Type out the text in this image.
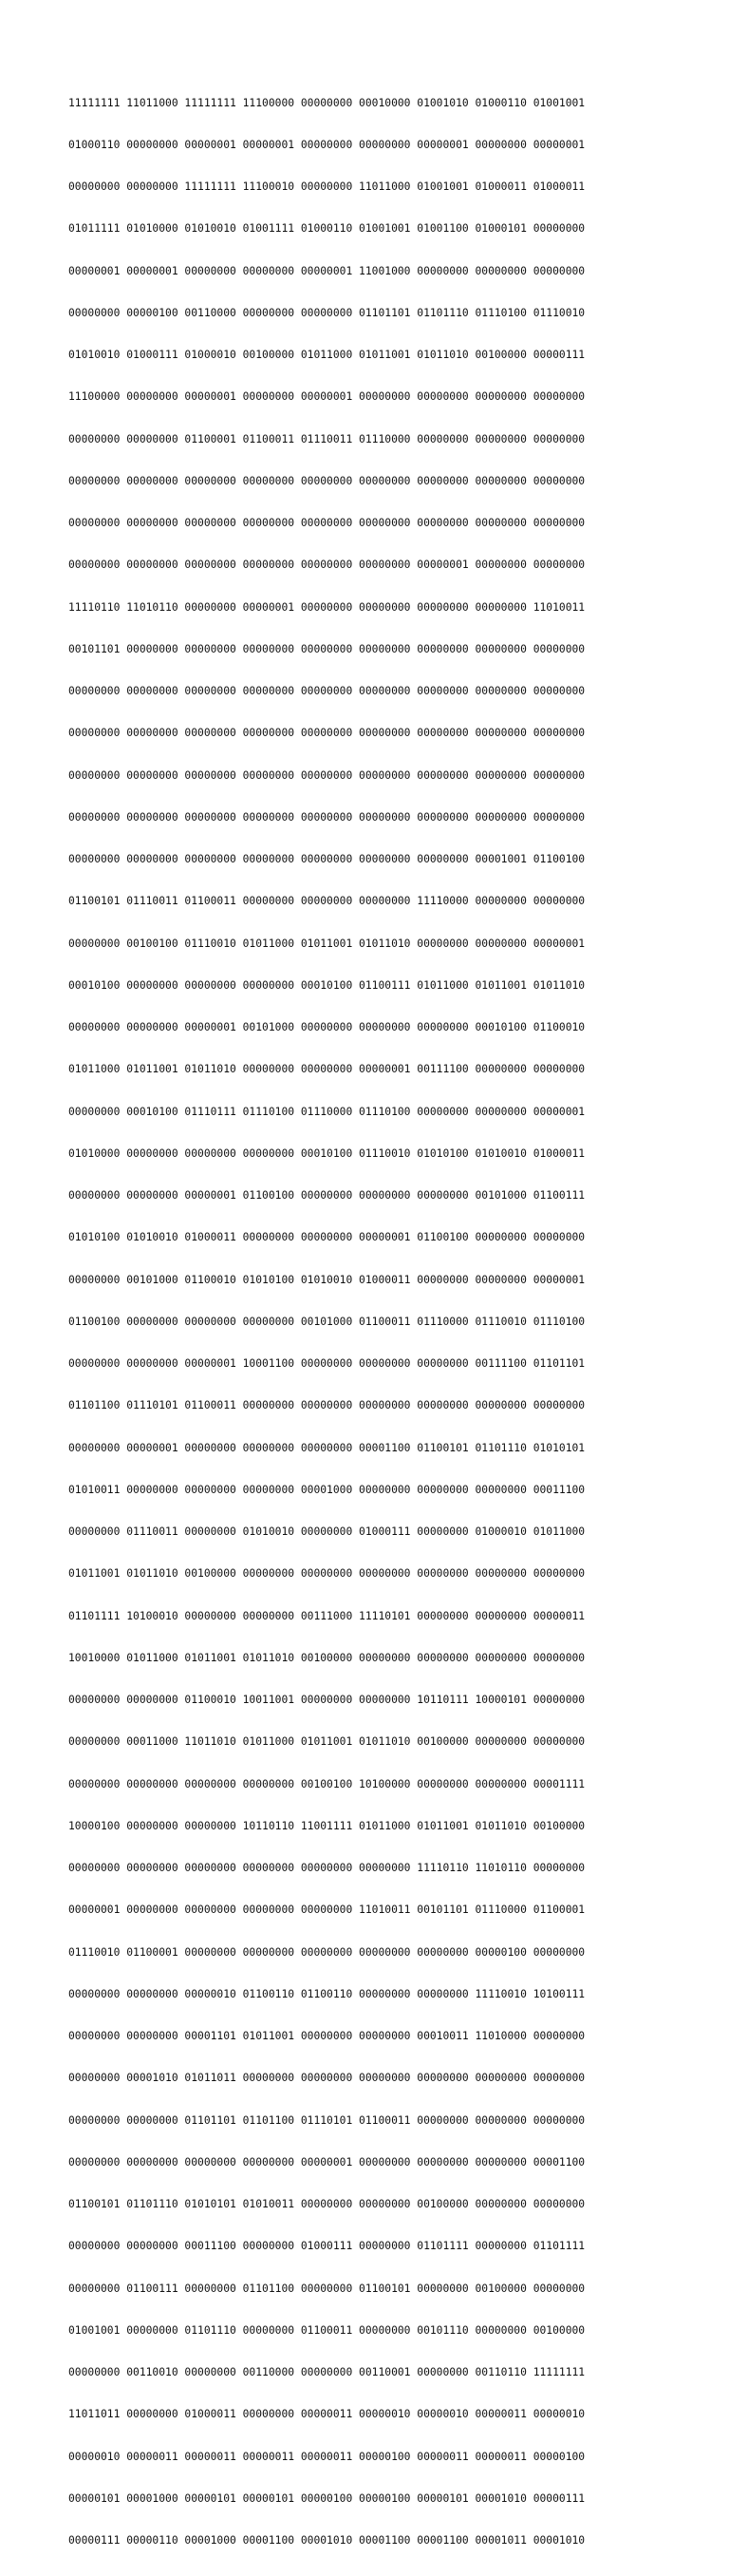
11111111 11011000 11111111 11100000 00000000 00010000 01001010 01000110 01001001

01000110 00000000 00000001 00000001 00000000 00000000 00000001 00000000 00000001

00000000 00000000 11111111 11100010 00000000 11011000 01001001 01000011 01000011

01011111 01010000 01010010 01001111 01000110 01001001 01001100 01000101 00000000

00000001 00000001 00000000 00000000 00000001 11001000 00000000 00000000 00000000

00000000 00000100 00110000 00000000 00000000 01101101 01101110 01110100 01110010

01010010 01000111 01000010 00100000 01011000 01011001 01011010 00100000 00000111

11100000 00000000 00000001 00000000 00000001 00000000 00000000 00000000 00000000

00000000 00000000 01100001 01100011 01110011 01110000 00000000 00000000 00000000

00000000 00000000 00000000 00000000 00000000 00000000 00000000 00000000 00000000

00000000 00000000 00000000 00000000 00000000 00000000 00000000 00000000 00000000

00000000 00000000 00000000 00000000 00000000 00000000 00000001 00000000 00000000

11110110 11010110 00000000 00000001 00000000 00000000 00000000 00000000 11010011

00101101 00000000 00000000 00000000 00000000 00000000 00000000 00000000 00000000

00000000 00000000 00000000 00000000 00000000 00000000 00000000 00000000 00000000

00000000 00000000 00000000 00000000 00000000 00000000 00000000 00000000 00000000

00000000 00000000 00000000 00000000 00000000 00000000 00000000 00000000 00000000

00000000 00000000 00000000 00000000 00000000 00000000 00000000 00000000 00000000

00000000 00000000 00000000 00000000 00000000 00000000 00000000 00001001 01100100

01100101 01110011 01100011 00000000 00000000 00000000 11110000 00000000 00000000

00000000 00100100 01110010 01011000 01011001 01011010 00000000 00000000 00000001

00010100 00000000 00000000 00000000 00010100 01100111 01011000 01011001 01011010

00000000 00000000 00000001 00101000 00000000 00000000 00000000 00010100 01100010

01011000 01011001 01011010 00000000 00000000 00000001 00111100 00000000 00000000

00000000 00010100 01110111 01110100 01110000 01110100 00000000 00000000 00000001

01010000 00000000 00000000 00000000 00010100 01110010 01010100 01010010 01000011

00000000 00000000 00000001 01100100 00000000 00000000 00000000 00101000 01100111

01010100 01010010 01000011 00000000 00000000 00000001 01100100 00000000 00000000

00000000 00101000 01100010 01010100 01010010 01000011 00000000 00000000 00000001

01100100 00000000 00000000 00000000 00101000 01100011 01110000 01110010 01110100

00000000 00000000 00000001 10001100 00000000 00000000 00000000 00111100 01101101

01101100 01110101 01100011 00000000 00000000 00000000 00000000 00000000 00000000

00000000 00000001 00000000 00000000 00000000 00001100 01100101 01101110 01010101

01010011 00000000 00000000 00000000 00001000 00000000 00000000 00000000 00011100

00000000 01110011 00000000 01010010 00000000 01000111 00000000 01000010 01011000

01011001 01011010 00100000 00000000 00000000 00000000 00000000 00000000 00000000

01101111 10100010 00000000 00000000 00111000 11110101 00000000 00000000 00000011

10010000 01011000 01011001 01011010 00100000 00000000 00000000 00000000 00000000

00000000 00000000 01100010 10011001 00000000 00000000 10110111 10000101 00000000

00000000 00011000 11011010 01011000 01011001 01011010 00100000 00000000 00000000

00000000 00000000 00000000 00000000 00100100 10100000 00000000 00000000 00001111

10000100 00000000 00000000 10110110 11001111 01011000 01011001 01011010 00100000

00000000 00000000 00000000 00000000 00000000 00000000 11110110 11010110 00000000

00000001 00000000 00000000 00000000 00000000 11010011 00101101 01110000 01100001

01110010 01100001 00000000 00000000 00000000 00000000 00000000 00000100 00000000

00000000 00000000 00000010 01100110 01100110 00000000 00000000 11110010 10100111

00000000 00000000 00001101 01011001 00000000 00000000 00010011 11010000 00000000

00000000 00001010 01011011 00000000 00000000 00000000 00000000 00000000 00000000

00000000 00000000 01101101 01101100 01110101 01100011 00000000 00000000 00000000

00000000 00000000 00000000 00000000 00000001 00000000 00000000 00000000 00001100

01100101 01101110 01010101 01010011 00000000 00000000 00100000 00000000 00000000

00000000 00000000 00011100 00000000 01000111 00000000 01101111 00000000 01101111

00000000 01100111 00000000 01101100 00000000 01100101 00000000 00100000 00000000

01001001 00000000 01101110 00000000 01100011 00000000 00101110 00000000 00100000

00000000 00110010 00000000 00110000 00000000 00110001 00000000 00110110 11111111

11011011 00000000 01000011 00000000 00000011 00000010 00000010 00000011 00000010

00000010 00000011 00000011 00000011 00000011 00000100 00000011 00000011 00000100

00000101 00001000 00000101 00000101 00000100 00000100 00000101 00001010 00000111

00000111 00000110 00001000 00001100 00001010 00001100 00001100 00001011 00001010
